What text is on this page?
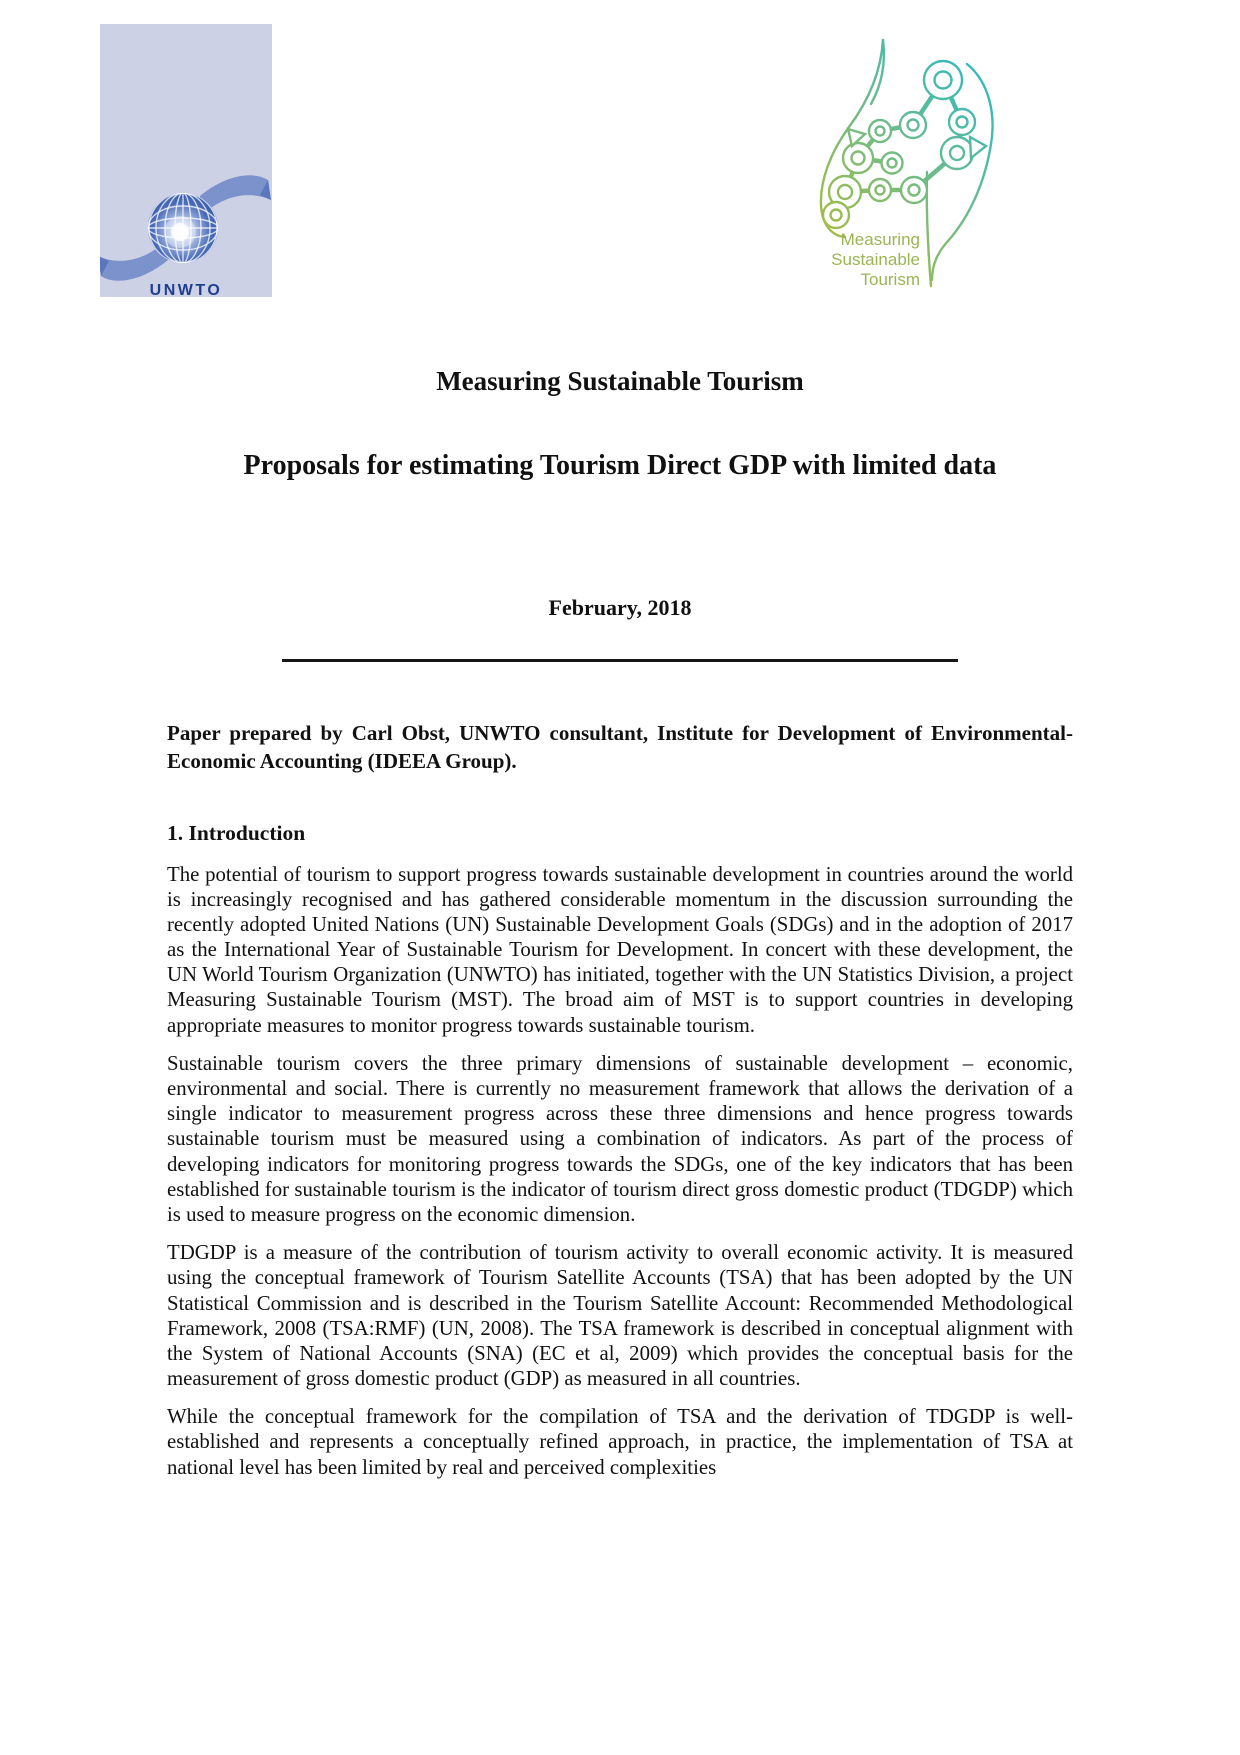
UNWTO
Measuring
Sustainable
Tourism
Measuring Sustainable Tourism
Proposals for estimating Tourism Direct GDP with limited data
February, 2018
Paper prepared by Carl Obst, UNWTO consultant, Institute for Development of Environmental-Economic Accounting (IDEEA Group).
1. Introduction

The potential of tourism to support progress towards sustainable development in countries around the world is increasingly recognised and has gathered considerable momentum in the discussion surrounding the recently adopted United Nations (UN) Sustainable Development Goals (SDGs) and in the adoption of 2017 as the International Year of Sustainable Tourism for Development. In concert with these development, the UN World Tourism Organization (UNWTO) has initiated, together with the UN Statistics Division, a project Measuring Sustainable Tourism (MST). The broad aim of MST is to support countries in developing appropriate measures to monitor progress towards sustainable tourism.

Sustainable tourism covers the three primary dimensions of sustainable development – economic, environmental and social. There is currently no measurement framework that allows the derivation of a single indicator to measurement progress across these three dimensions and hence progress towards sustainable tourism must be measured using a combination of indicators. As part of the process of developing indicators for monitoring progress towards the SDGs, one of the key indicators that has been established for sustainable tourism is the indicator of tourism direct gross domestic product (TDGDP) which is used to measure progress on the economic dimension.

TDGDP is a measure of the contribution of tourism activity to overall economic activity. It is measured using the conceptual framework of Tourism Satellite Accounts (TSA) that has been adopted by the UN Statistical Commission and is described in the Tourism Satellite Account: Recommended Methodological Framework, 2008 (TSA:RMF) (UN, 2008). The TSA framework is described in conceptual alignment with the System of National Accounts (SNA) (EC et al, 2009) which provides the conceptual basis for the measurement of gross domestic product (GDP) as measured in all countries.

While the conceptual framework for the compilation of TSA and the derivation of TDGDP is well-established and represents a conceptually refined approach, in practice, the implementation of TSA at national level has been limited by real and perceived complexities
